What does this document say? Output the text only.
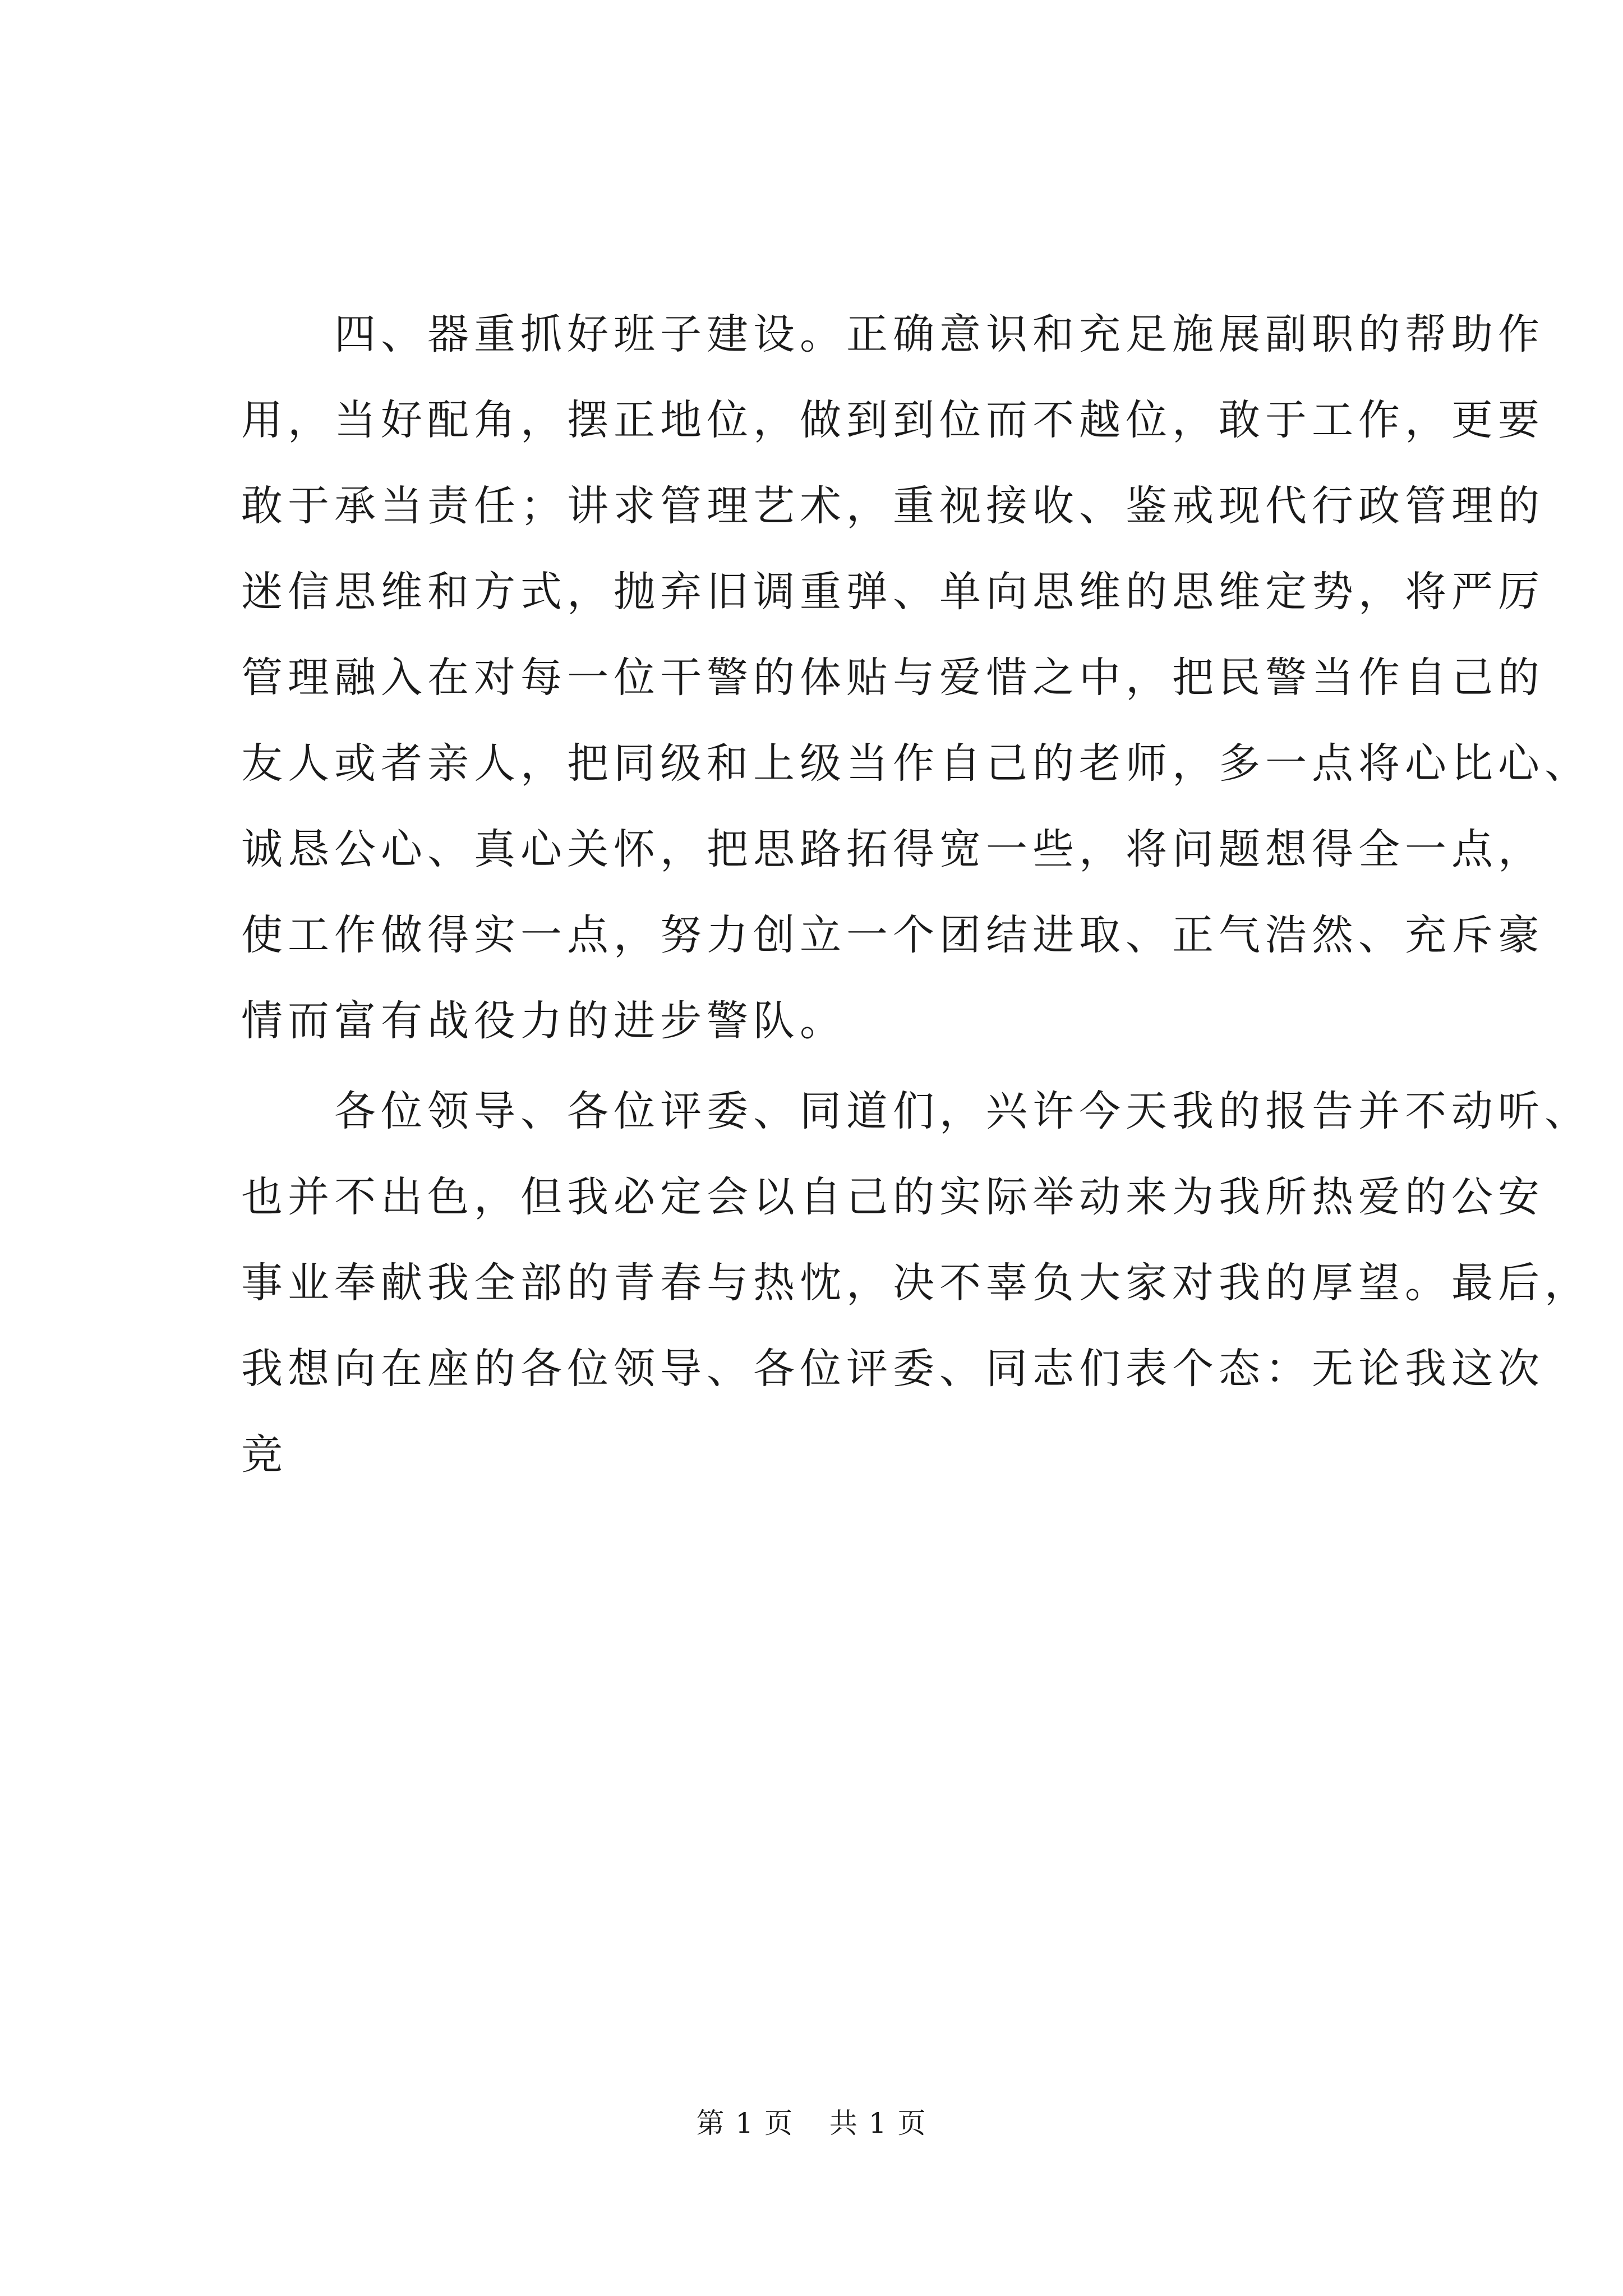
四、器重抓好班子建设。正确意识和充足施展副职的帮助作
用，当好配角，摆正地位，做到到位而不越位，敢于工作，更要
敢于承当责任；讲求管理艺术，重视接收、鉴戒现代行政管理的
迷信思维和方式，抛弃旧调重弹、单向思维的思维定势，将严厉
管理融入在对每一位干警的体贴与爱惜之中，把民警当作自己的
友人或者亲人，把同级和上级当作自己的老师，多一点将心比心、
诚恳公心、真心关怀，把思路拓得宽一些，将问题想得全一点，
使工作做得实一点，努力创立一个团结进取、正气浩然、充斥豪
情而富有战役力的进步警队。

各位领导、各位评委、同道们，兴许今天我的报告并不动听、
也并不出色，但我必定会以自己的实际举动来为我所热爱的公安
事业奉献我全部的青春与热忱，决不辜负大家对我的厚望。最后，
我想向在座的各位领导、各位评委、同志们表个态：无论我这次
竞

第 1 页 共 1 页
